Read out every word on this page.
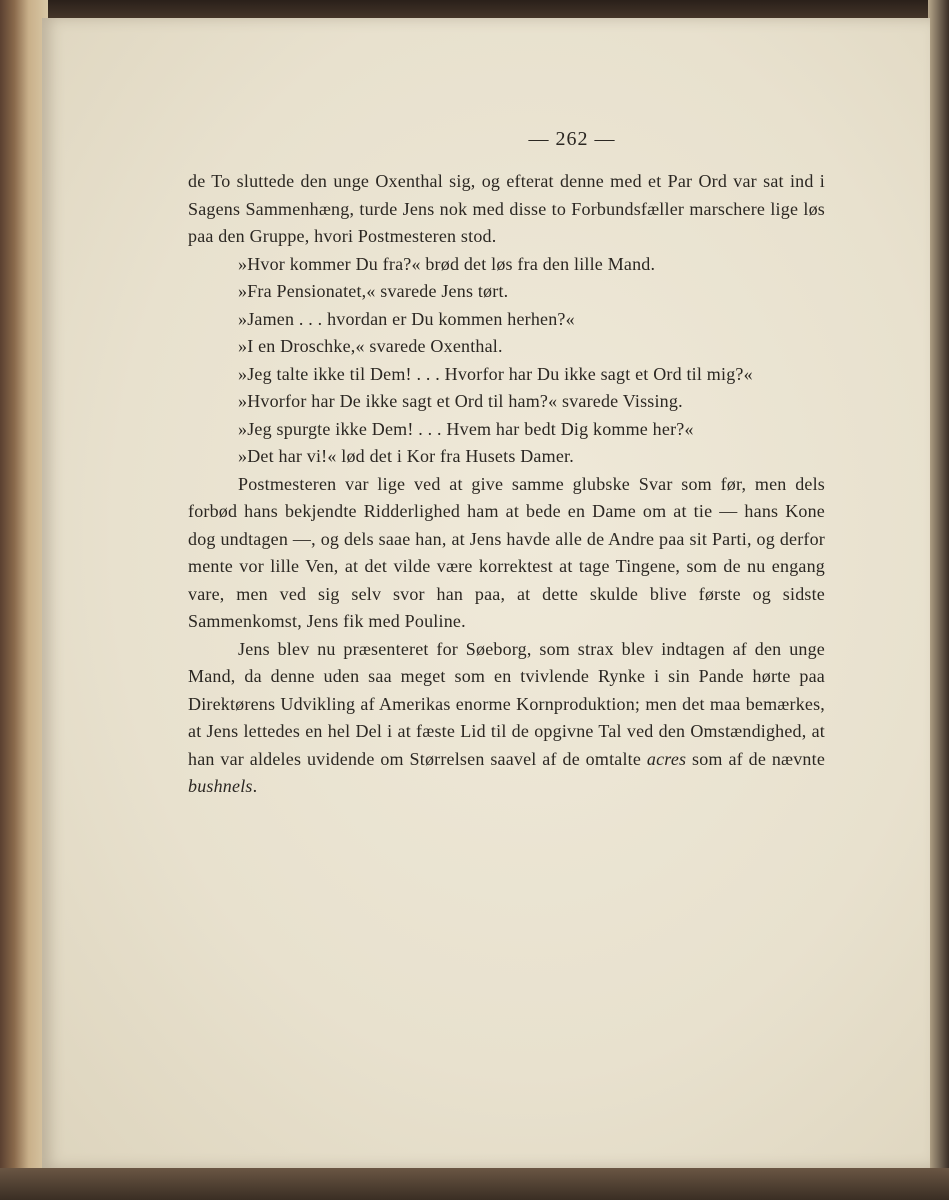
— 262 —

de To sluttede den unge Oxenthal sig, og efterat denne med et Par Ord var sat ind i Sagens Sammenhæng, turde Jens nok med disse to Forbundsfæller marschere lige løs paa den Gruppe, hvori Postmesteren stod.

»Hvor kommer Du fra?« brød det løs fra den lille Mand.

»Fra Pensionatet,« svarede Jens tørt.

»Jamen . . . hvordan er Du kommen herhen?«

»I en Droschke,« svarede Oxenthal.

»Jeg talte ikke til Dem! . . . Hvorfor har Du ikke sagt et Ord til mig?«

»Hvorfor har De ikke sagt et Ord til ham?« svarede Vissing.

»Jeg spurgte ikke Dem! . . . Hvem har bedt Dig komme her?«

»Det har vi!« lød det i Kor fra Husets Damer.

Postmesteren var lige ved at give samme glubske Svar som før, men dels forbød hans bekjendte Ridderlighed ham at bede en Dame om at tie — hans Kone dog undtagen —, og dels saae han, at Jens havde alle de Andre paa sit Parti, og derfor mente vor lille Ven, at det vilde være korrektest at tage Tingene, som de nu engang vare, men ved sig selv svor han paa, at dette skulde blive første og sidste Sammenkomst, Jens fik med Pouline.

Jens blev nu præsenteret for Søeborg, som strax blev indtagen af den unge Mand, da denne uden saa meget som en tvivlende Rynke i sin Pande hørte paa Direktørens Udvikling af Amerikas enorme Kornproduktion; men det maa bemærkes, at Jens lettedes en hel Del i at fæste Lid til de opgivne Tal ved den Omstændighed, at han var aldeles uvidende om Størrelsen saavel af de omtalte acres som af de nævnte bushnels.
